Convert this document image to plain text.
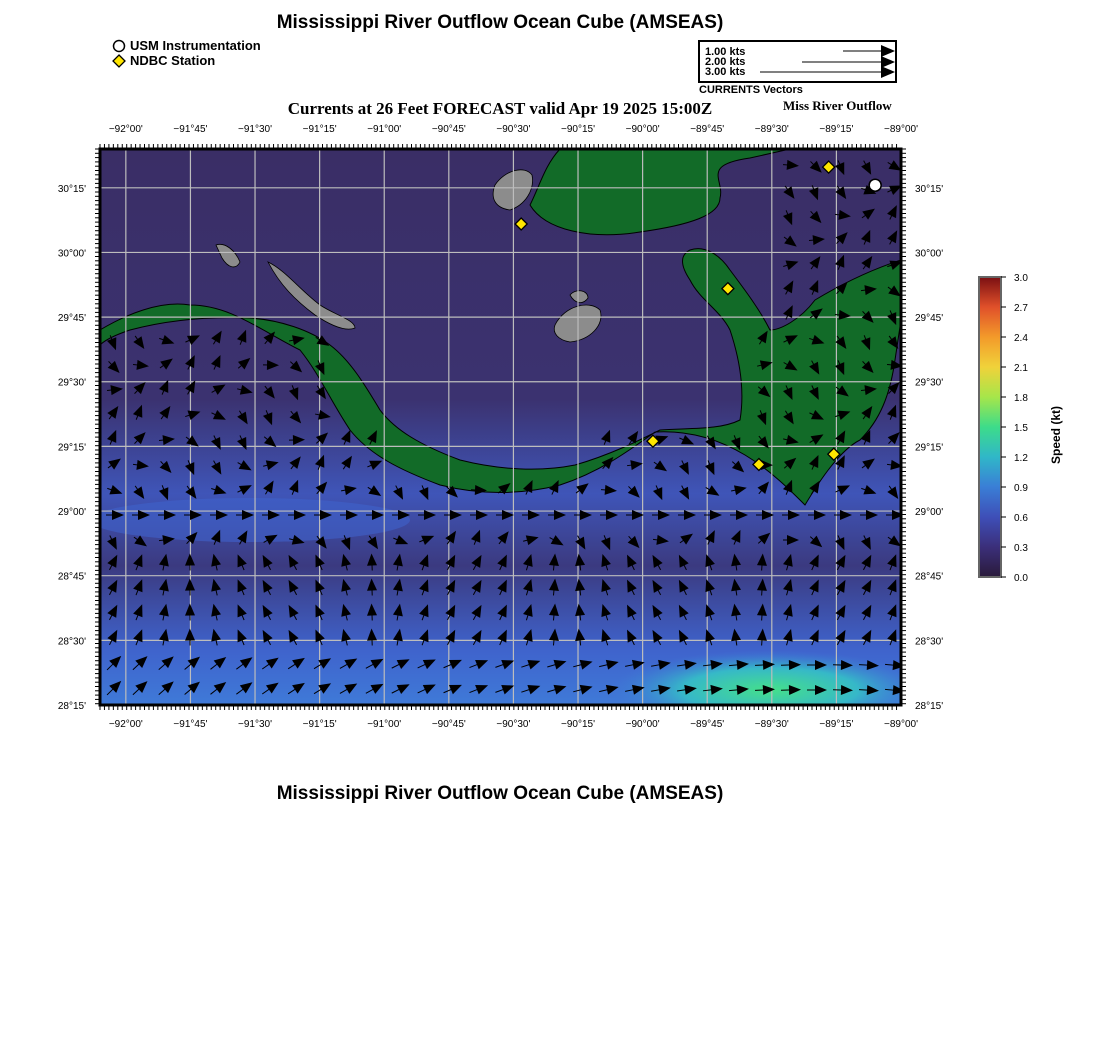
Mississippi River Outflow Ocean Cube (AMSEAS)
USM Instrumentation
NDBC Station
1.00 kts
2.00 kts
3.00 kts
CURRENTS Vectors
Currents at 26 Feet FORECAST valid Apr 19 2025 15:00Z	Miss River Outflow
−92°00'
−92°00'
−91°45'
−91°45'
−91°30'
−91°30'
−91°15'
−91°15'
−91°00'
−91°00'
−90°45'
−90°45'
−90°30'
−90°30'
−90°15'
−90°15'
−90°00'
−90°00'
−89°45'
−89°45'
−89°30'
−89°30'
−89°15'
−89°15'
−89°00'
−89°00'
30°15'	30°15'
30°00'	30°00'
29°45'	29°45'
29°30'	29°30'
29°15'	29°15'
29°00'	29°00'
28°45'	28°45'
28°30'	28°30'
28°15'	28°15'
3.0
2.7
2.4
2.1
1.8
1.5
1.2
0.9
0.6
0.3
0.0
Speed (kt)
Mississippi River Outflow Ocean Cube (AMSEAS)
